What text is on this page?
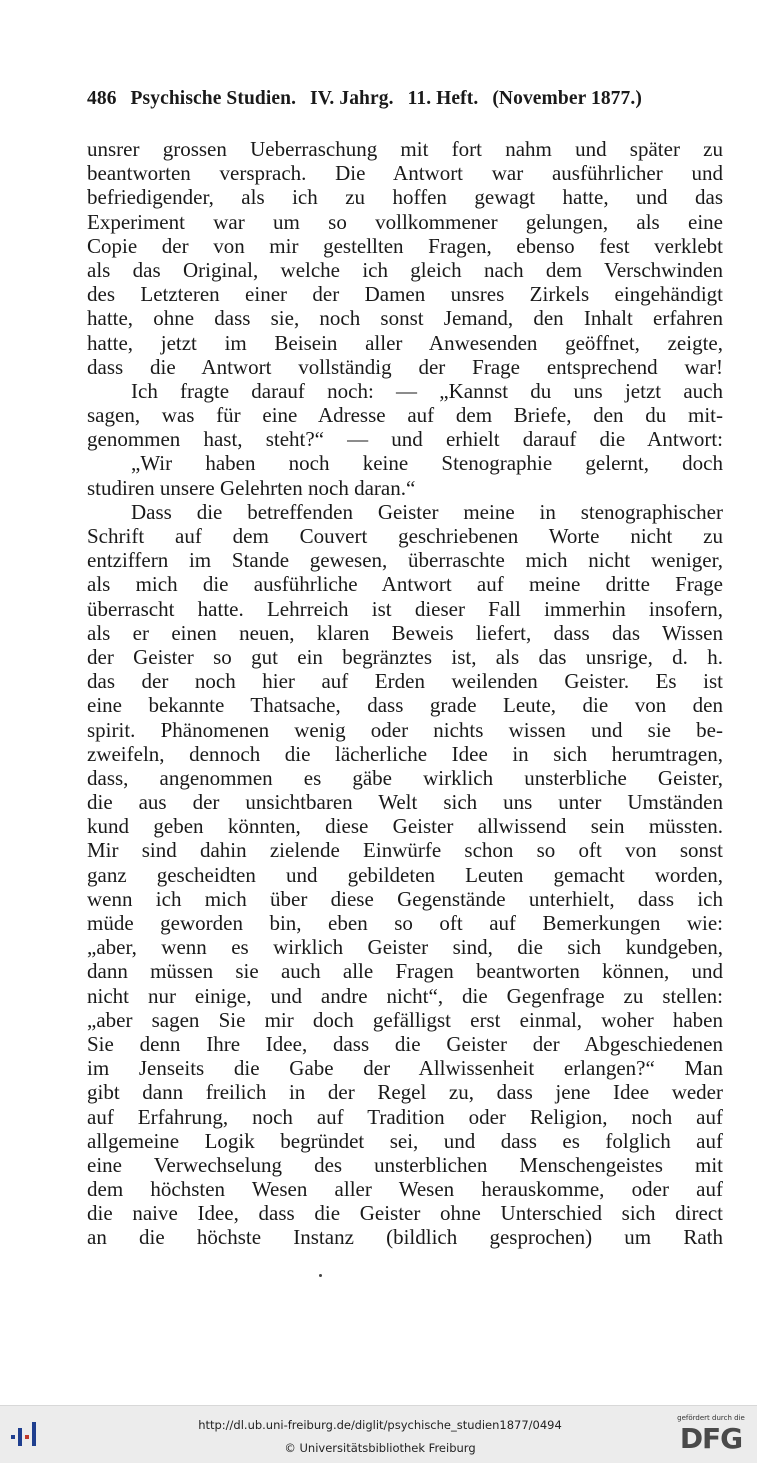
486 Psychische Studien. IV. Jahrg. 11. Heft. (November 1877.)
unsrer grossen Ueberraschung mit fort nahm und später zu
beantworten versprach. Die Antwort war ausführlicher und
befriedigender, als ich zu hoffen gewagt hatte, und das
Experiment war um so vollkommener gelungen, als eine
Copie der von mir gestellten Fragen, ebenso fest verklebt
als das Original, welche ich gleich nach dem Verschwinden
des Letzteren einer der Damen unsres Zirkels eingehändigt
hatte, ohne dass sie, noch sonst Jemand, den Inhalt erfahren
hatte, jetzt im Beisein aller Anwesenden geöffnet, zeigte,
dass die Antwort vollständig der Frage entsprechend war!
Ich fragte darauf noch: — „Kannst du uns jetzt auch
sagen, was für eine Adresse auf dem Briefe, den du mit-
genommen hast, steht?“ — und erhielt darauf die Antwort:
„Wir haben noch keine Stenographie gelernt, doch
studiren unsere Gelehrten noch daran.“
Dass die betreffenden Geister meine in stenographischer
Schrift auf dem Couvert geschriebenen Worte nicht zu
entziffern im Stande gewesen, überraschte mich nicht weniger,
als mich die ausführliche Antwort auf meine dritte Frage
überrascht hatte. Lehrreich ist dieser Fall immerhin insofern,
als er einen neuen, klaren Beweis liefert, dass das Wissen
der Geister so gut ein begränztes ist, als das unsrige, d. h.
das der noch hier auf Erden weilenden Geister. Es ist
eine bekannte Thatsache, dass grade Leute, die von den
spirit. Phänomenen wenig oder nichts wissen und sie be-
zweifeln, dennoch die lächerliche Idee in sich herumtragen,
dass, angenommen es gäbe wirklich unsterbliche Geister,
die aus der unsichtbaren Welt sich uns unter Umständen
kund geben könnten, diese Geister allwissend sein müssten.
Mir sind dahin zielende Einwürfe schon so oft von sonst
ganz gescheidten und gebildeten Leuten gemacht worden,
wenn ich mich über diese Gegenstände unterhielt, dass ich
müde geworden bin, eben so oft auf Bemerkungen wie:
„aber, wenn es wirklich Geister sind, die sich kundgeben,
dann müssen sie auch alle Fragen beantworten können, und
nicht nur einige, und andre nicht“, die Gegenfrage zu stellen:
„aber sagen Sie mir doch gefälligst erst einmal, woher haben
Sie denn Ihre Idee, dass die Geister der Abgeschiedenen
im Jenseits die Gabe der Allwissenheit erlangen?“ Man
gibt dann freilich in der Regel zu, dass jene Idee weder
auf Erfahrung, noch auf Tradition oder Religion, noch auf
allgemeine Logik begründet sei, und dass es folglich auf
eine Verwechselung des unsterblichen Menschengeistes mit
dem höchsten Wesen aller Wesen herauskomme, oder auf
die naive Idee, dass die Geister ohne Unterschied sich direct
an die höchste Instanz (bildlich gesprochen) um Rath
http://dl.ub.uni-freiburg.de/diglit/psychische_studien1877/0494
© Universitätsbibliothek Freiburg
gefördert durch die
DFG
